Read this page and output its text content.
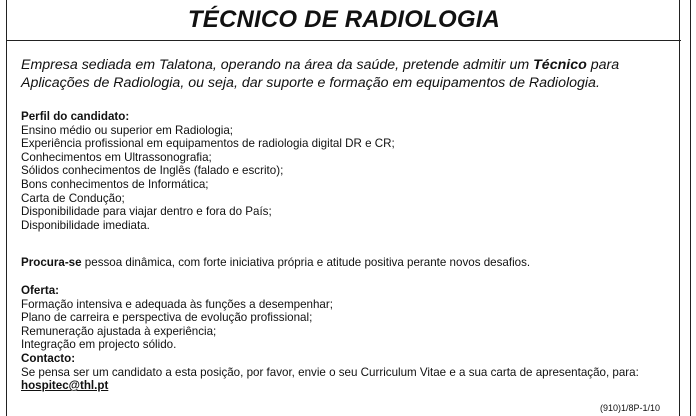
TÉCNICO DE RADIOLOGIA
Empresa sediada em Talatona, operando na área da saúde, pretende admitir um Técnico para Aplicações de Radiologia, ou seja, dar suporte e formação em equipamentos de Radiologia.
Perfil do candidato:
Ensino médio ou superior em Radiologia;
Experiência profissional em equipamentos de radiologia digital DR e CR;
Conhecimentos em Ultrassonografia;
Sólidos conhecimentos de Inglês (falado e escrito);
Bons conhecimentos de Informática;
Carta de Condução;
Disponibilidade para viajar dentro e fora do País;
Disponibilidade imediata.
Procura-se pessoa dinâmica, com forte iniciativa própria e atitude positiva perante novos desafios.
Oferta:
Formação intensiva e adequada às funções a desempenhar;
Plano de carreira e perspectiva de evolução profissional;
Remuneração ajustada à experiência;
Integração em projecto sólido.
Contacto:
Se pensa ser um candidato a esta posição, por favor, envie o seu Curriculum Vitae e a sua carta de apresentação, para: hospitec@thl.pt
(910)1/8P-1/10
